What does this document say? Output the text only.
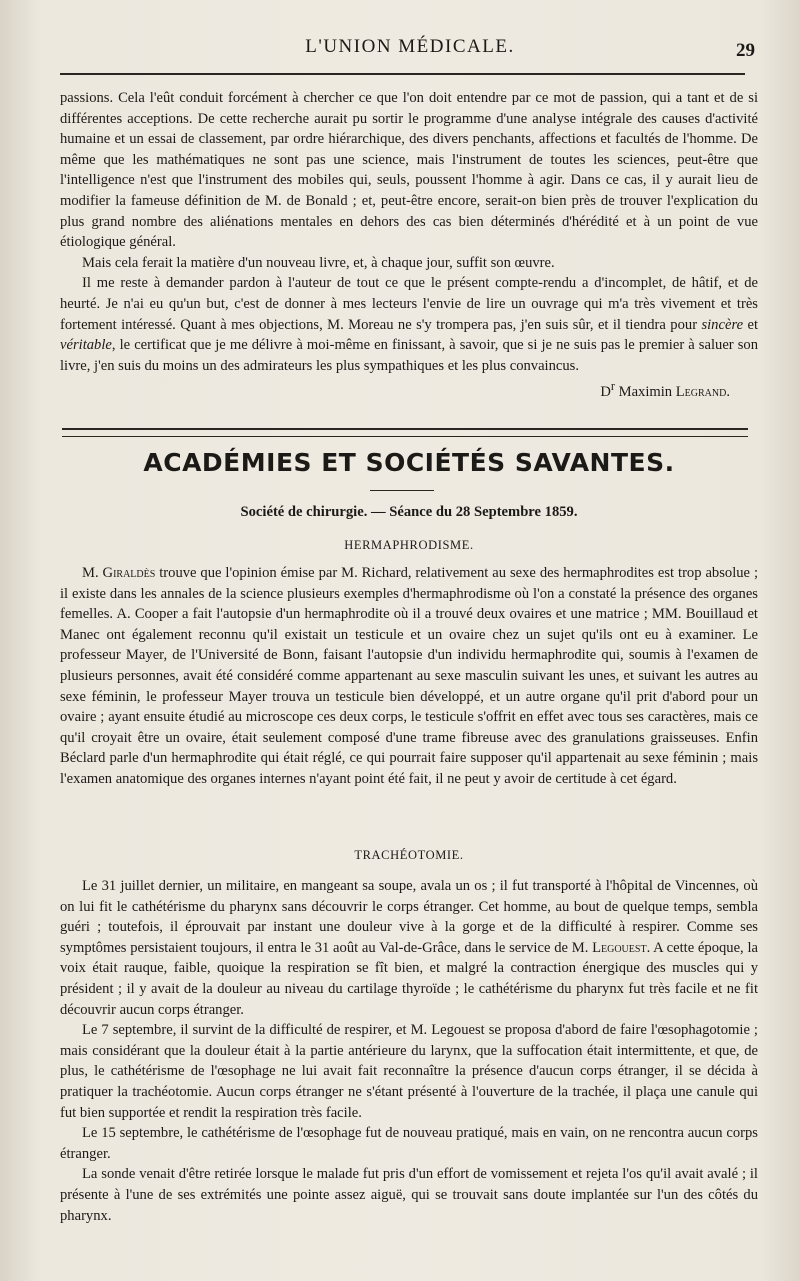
L'UNION MÉDICALE.	29

passions. Cela l'eût conduit forcément à chercher ce que l'on doit entendre par ce mot de passion, qui a tant et de si différentes acceptions. De cette recherche aurait pu sortir le programme d'une analyse intégrale des causes d'activité humaine et un essai de classement, par ordre hiérarchique, des divers penchants, affections et facultés de l'homme. De même que les mathématiques ne sont pas une science, mais l'instrument de toutes les sciences, peut-être que l'intelligence n'est que l'instrument des mobiles qui, seuls, poussent l'homme à agir. Dans ce cas, il y aurait lieu de modifier la fameuse définition de M. de Bonald ; et, peut-être encore, serait-on bien près de trouver l'explication du plus grand nombre des aliénations mentales en dehors des cas bien déterminés d'hérédité et à un point de vue étiologique général.

Mais cela ferait la matière d'un nouveau livre, et, à chaque jour, suffit son œuvre.

Il me reste à demander pardon à l'auteur de tout ce que le présent compte-rendu a d'incomplet, de hâtif, et de heurté. Je n'ai eu qu'un but, c'est de donner à mes lecteurs l'envie de lire un ouvrage qui m'a très vivement et très fortement intéressé. Quant à mes objections, M. Moreau ne s'y trompera pas, j'en suis sûr, et il tiendra pour sincère et véritable, le certificat que je me délivre à moi-même en finissant, à savoir, que si je ne suis pas le premier à saluer son livre, j'en suis du moins un des admirateurs les plus sympathiques et les plus convaincus.

$D^r$ Maximin Legrand.

ACADÉMIES ET SOCIÉTÉS SAVANTES.
Société de chirurgie. — Séance du 28 Septembre 1859.
HERMAPHRODISME.

M. Giraldès trouve que l'opinion émise par M. Richard, relativement au sexe des hermaphrodites est trop absolue ; il existe dans les annales de la science plusieurs exemples d'hermaphrodisme où l'on a constaté la présence des organes femelles. A. Cooper a fait l'autopsie d'un hermaphrodite où il a trouvé deux ovaires et une matrice ; MM. Bouillaud et Manec ont également reconnu qu'il existait un testicule et un ovaire chez un sujet qu'ils ont eu à examiner. Le professeur Mayer, de l'Université de Bonn, faisant l'autopsie d'un individu hermaphrodite qui, soumis à l'examen de plusieurs personnes, avait été considéré comme appartenant au sexe masculin suivant les unes, et suivant les autres au sexe féminin, le professeur Mayer trouva un testicule bien développé, et un autre organe qu'il prit d'abord pour un ovaire ; ayant ensuite étudié au microscope ces deux corps, le testicule s'offrit en effet avec tous ses caractères, mais ce qu'il croyait être un ovaire, était seulement composé d'une trame fibreuse avec des granulations graisseuses. Enfin Béclard parle d'un hermaphrodite qui était réglé, ce qui pourrait faire supposer qu'il appartenait au sexe féminin ; mais l'examen anatomique des organes internes n'ayant point été fait, il ne peut y avoir de certitude à cet égard.

TRACHÉOTOMIE.

Le 31 juillet dernier, un militaire, en mangeant sa soupe, avala un os ; il fut transporté à l'hôpital de Vincennes, où on lui fit le cathétérisme du pharynx sans découvrir le corps étranger. Cet homme, au bout de quelque temps, sembla guéri ; toutefois, il éprouvait par instant une douleur vive à la gorge et de la difficulté à respirer. Comme ses symptômes persistaient toujours, il entra le 31 août au Val-de-Grâce, dans le service de M. Legouest. A cette époque, la voix était rauque, faible, quoique la respiration se fît bien, et malgré la contraction énergique des muscles qui y président ; il y avait de la douleur au niveau du cartilage thyroïde ; le cathétérisme du pharynx fut très facile et ne fit découvrir aucun corps étranger.

Le 7 septembre, il survint de la difficulté de respirer, et M. Legouest se proposa d'abord de faire l'œsophagotomie ; mais considérant que la douleur était à la partie antérieure du larynx, que la suffocation était intermittente, et que, de plus, le cathétérisme de l'œsophage ne lui avait fait reconnaître la présence d'aucun corps étranger, il se décida à pratiquer la trachéotomie. Aucun corps étranger ne s'étant présenté à l'ouverture de la trachée, il plaça une canule qui fut bien supportée et rendit la respiration très facile.

Le 15 septembre, le cathétérisme de l'œsophage fut de nouveau pratiqué, mais en vain, on ne rencontra aucun corps étranger.

La sonde venait d'être retirée lorsque le malade fut pris d'un effort de vomissement et rejeta l'os qu'il avait avalé ; il présente à l'une de ses extrémités une pointe assez aiguë, qui se trouvait sans doute implantée sur l'un des côtés du pharynx.
